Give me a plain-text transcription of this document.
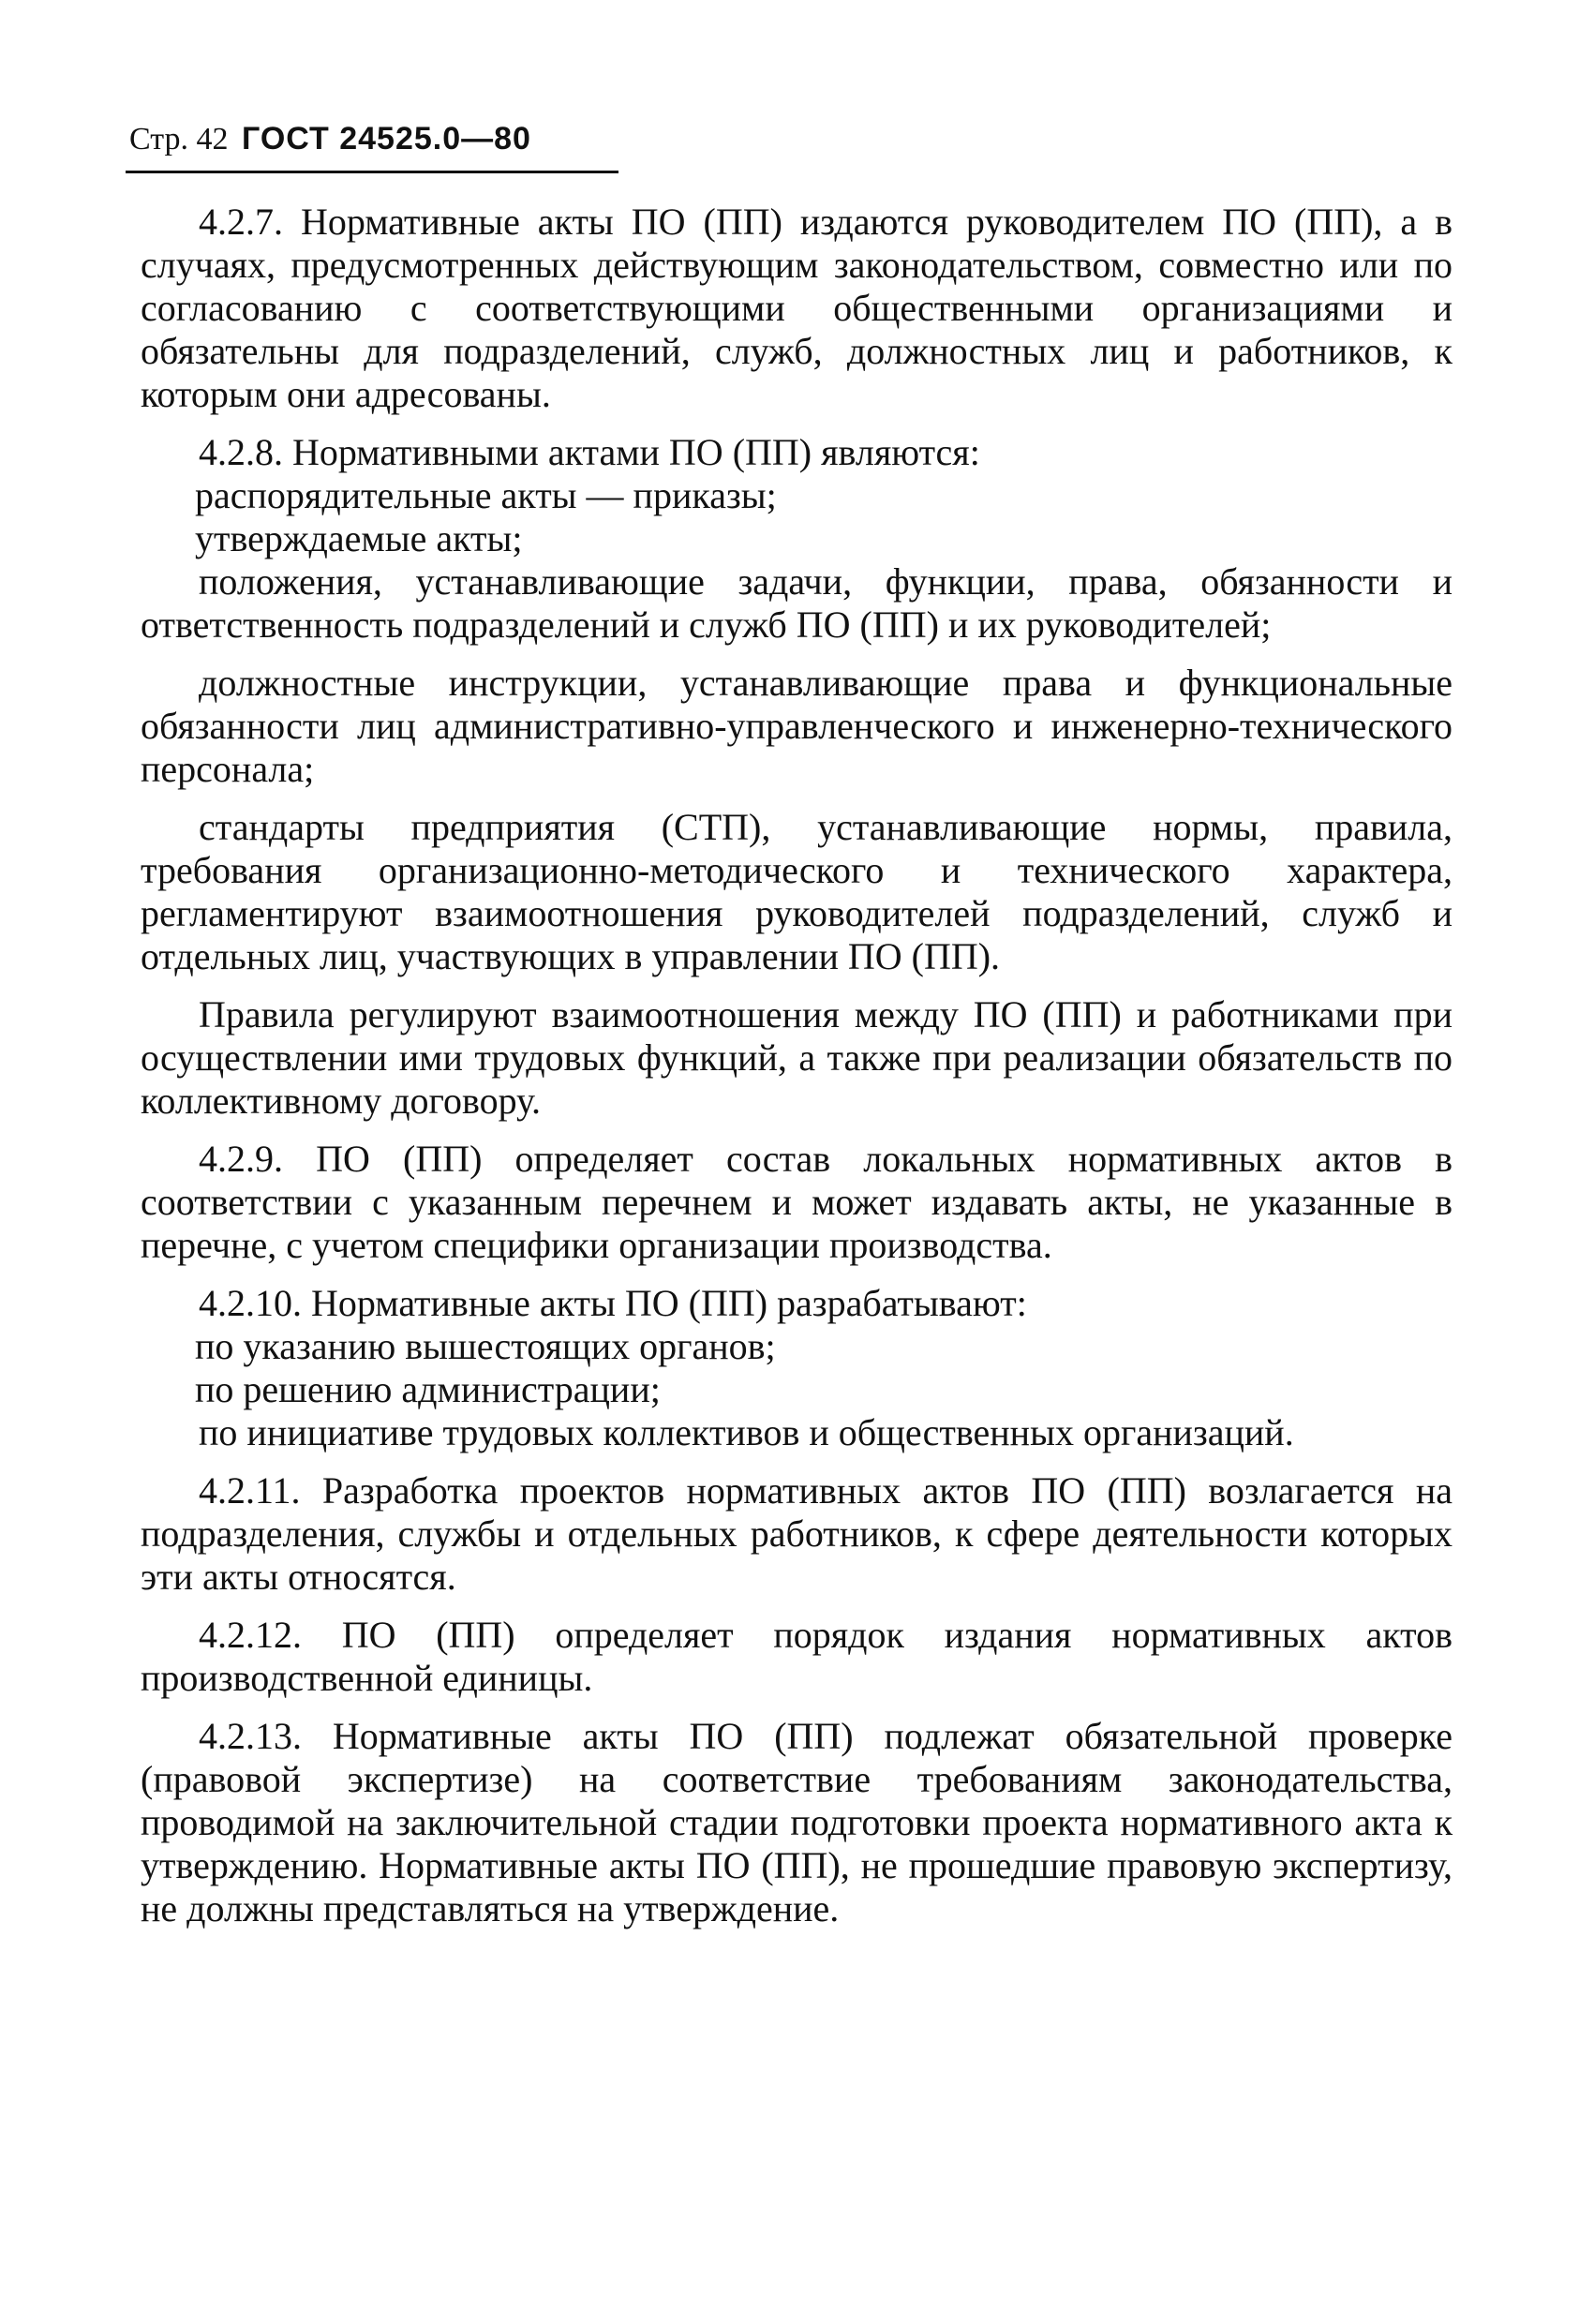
Стр. 42 ГОСТ 24525.0—80

4.2.7. Нормативные акты ПО (ПП) издаются руководителем ПО (ПП), а в случаях, предусмотренных действующим законодательством, совместно или по согласованию с соответствующими общественными организациями и обязательны для подразделений, служб, должностных лиц и работников, к которым они адресованы.

4.2.8. Нормативными актами ПО (ПП) являются:

распорядительные акты — приказы;

утверждаемые акты;

положения, устанавливающие задачи, функции, права, обязанности и ответственность подразделений и служб ПО (ПП) и их руководителей;

должностные инструкции, устанавливающие права и функциональные обязанности лиц административно-управленческого и инженерно-технического персонала;

стандарты предприятия (СТП), устанавливающие нормы, правила, требования организационно-методического и технического характера, регламентируют взаимоотношения руководителей подразделений, служб и отдельных лиц, участвующих в управлении ПО (ПП).

Правила регулируют взаимоотношения между ПО (ПП) и работниками при осуществлении ими трудовых функций, а также при реализации обязательств по коллективному договору.

4.2.9. ПО (ПП) определяет состав локальных нормативных актов в соответствии с указанным перечнем и может издавать акты, не указанные в перечне, с учетом специфики организации производства.

4.2.10. Нормативные акты ПО (ПП) разрабатывают:

по указанию вышестоящих органов;

по решению администрации;

по инициативе трудовых коллективов и общественных организаций.

4.2.11. Разработка проектов нормативных актов ПО (ПП) возлагается на подразделения, службы и отдельных работников, к сфере деятельности которых эти акты относятся.

4.2.12. ПО (ПП) определяет порядок издания нормативных актов производственной единицы.

4.2.13. Нормативные акты ПО (ПП) подлежат обязательной проверке (правовой экспертизе) на соответствие требованиям законодательства, проводимой на заключительной стадии подготовки проекта нормативного акта к утверждению. Нормативные акты ПО (ПП), не прошедшие правовую экспертизу, не должны представляться на утверждение.
